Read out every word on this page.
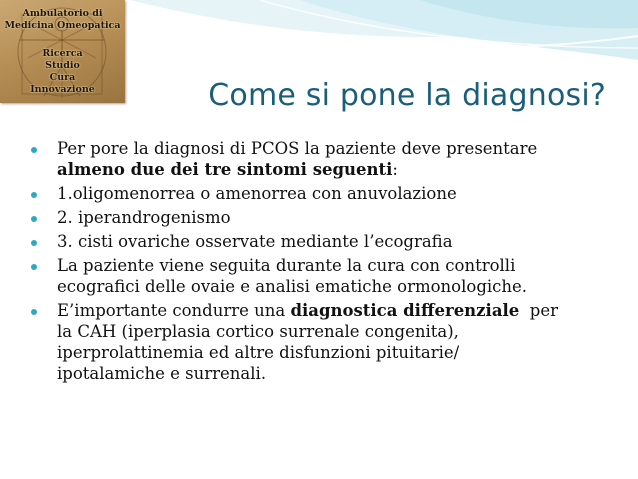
Ambulatorio di
Medicina Omeopatica
Ricerca
Studio
Cura
Innovazione	Come si pone la diagnosi?
Per pore la diagnosi di PCOS la paziente deve presentare
almeno due dei tre sintomi seguenti:
1.oligomenorrea o amenorrea con anuvolazione
2. iperandrogenismo
3. cisti ovariche osservate mediante l’ecografia
La paziente viene seguita durante la cura con controlli
ecografici delle ovaie e analisi ematiche ormonologiche.
E’importante condurre una diagnostica differenziale  per
la CAH (iperplasia cortico surrenale congenita),
iperprolattinemia ed altre disfunzioni pituitarie/
ipotalamiche e surrenali.
